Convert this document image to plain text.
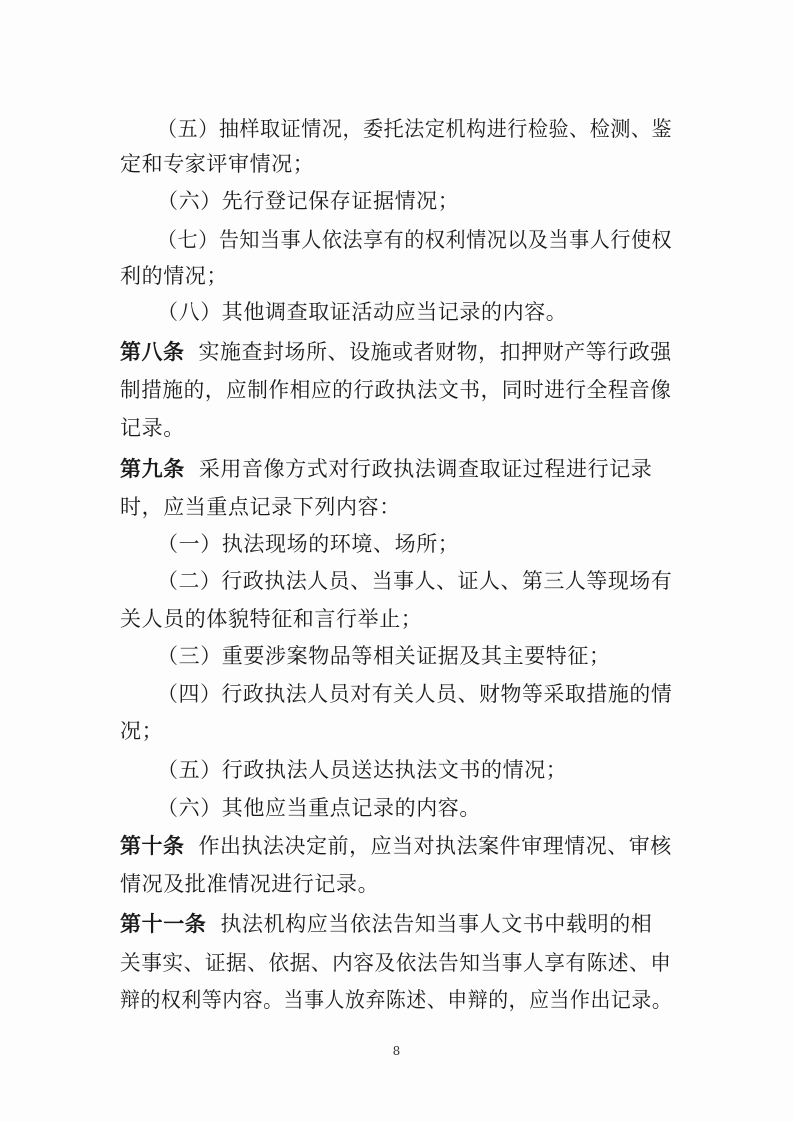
（五）抽样取证情况，委托法定机构进行检验、检测、鉴
定和专家评审情况；
（六）先行登记保存证据情况；
（七）告知当事人依法享有的权利情况以及当事人行使权
利的情况；
（八）其他调查取证活动应当记录的内容。
第八条 实施查封场所、设施或者财物，扣押财产等行政强
制措施的，应制作相应的行政执法文书，同时进行全程音像
记录。
第九条 采用音像方式对行政执法调查取证过程进行记录
时，应当重点记录下列内容：
（一）执法现场的环境、场所；
（二）行政执法人员、当事人、证人、第三人等现场有
关人员的体貌特征和言行举止；
（三）重要涉案物品等相关证据及其主要特征；
（四）行政执法人员对有关人员、财物等采取措施的情
况；
（五）行政执法人员送达执法文书的情况；
（六）其他应当重点记录的内容。
第十条 作出执法决定前，应当对执法案件审理情况、审核
情况及批准情况进行记录。
第十一条 执法机构应当依法告知当事人文书中载明的相
关事实、证据、依据、内容及依法告知当事人享有陈述、申
辩的权利等内容。当事人放弃陈述、申辩的，应当作出记录。
8
